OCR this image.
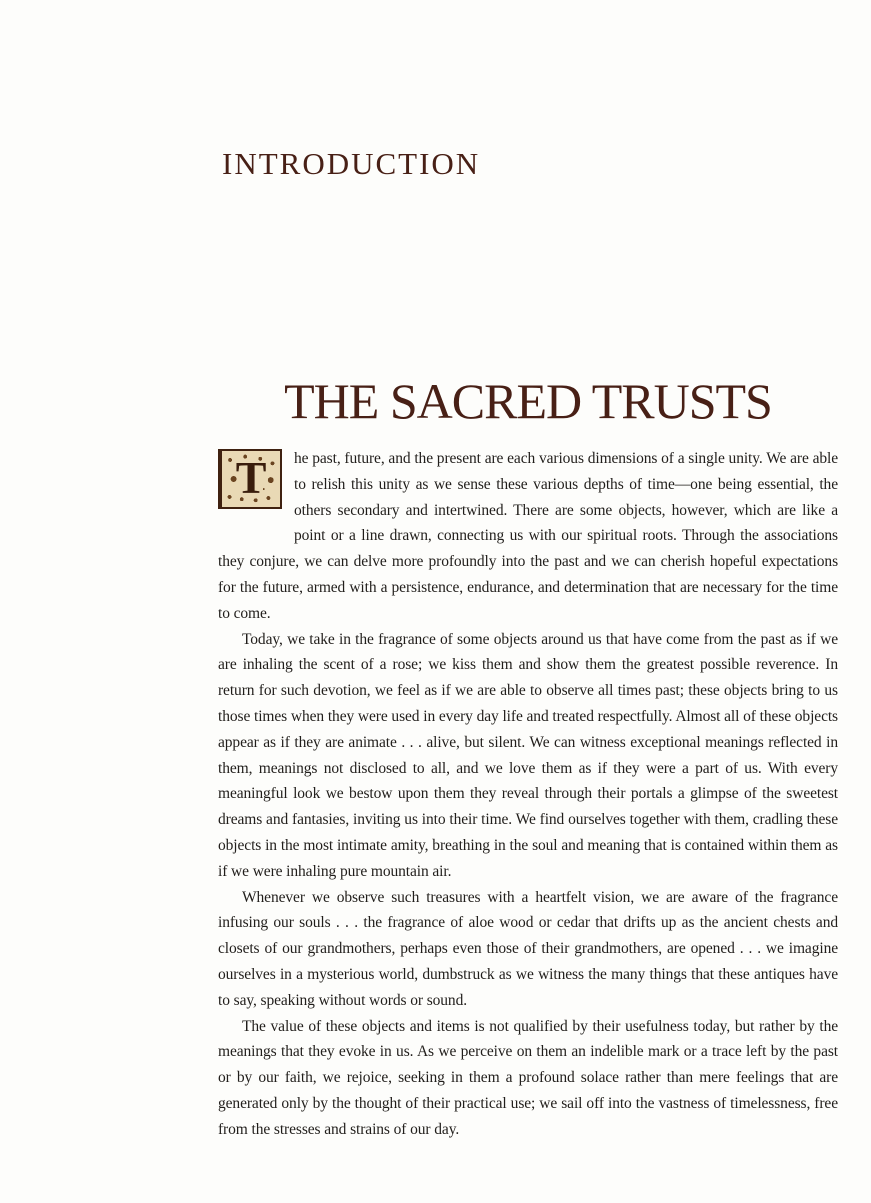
INTRODUCTION
THE SACRED TRUSTS

T	he past, future, and the present are each various dimensions of a single unity. We are able to relish this unity as we sense these various depths of time—one being essential, the others secondary and intertwined. There are some objects, however, which are like a point or a line drawn, connecting us with our spiritual roots. Through the associations they conjure, we can delve more profoundly into the past and we can cherish hopeful expectations for the future, armed with a persistence, endurance, and determination that are necessary for the time to come.

Today, we take in the fragrance of some objects around us that have come from the past as if we are inhaling the scent of a rose; we kiss them and show them the greatest possible reverence. In return for such devotion, we feel as if we are able to observe all times past; these objects bring to us those times when they were used in every day life and treated respectfully. Almost all of these objects appear as if they are animate . . . alive, but silent. We can witness exceptional meanings reflected in them, meanings not disclosed to all, and we love them as if they were a part of us. With every meaningful look we bestow upon them they reveal through their portals a glimpse of the sweetest dreams and fantasies, inviting us into their time. We find ourselves together with them, cradling these objects in the most intimate amity, breathing in the soul and meaning that is contained within them as if we were inhaling pure mountain air.

Whenever we observe such treasures with a heartfelt vision, we are aware of the fragrance infusing our souls . . . the fragrance of aloe wood or cedar that drifts up as the ancient chests and closets of our grandmothers, perhaps even those of their grandmothers, are opened . . . we imagine ourselves in a mysterious world, dumbstruck as we witness the many things that these antiques have to say, speaking without words or sound.

The value of these objects and items is not qualified by their usefulness today, but rather by the meanings that they evoke in us. As we perceive on them an indelible mark or a trace left by the past or by our faith, we rejoice, seeking in them a profound solace rather than mere feelings that are generated only by the thought of their practical use; we sail off into the vastness of timelessness, free from the stresses and strains of our day.
